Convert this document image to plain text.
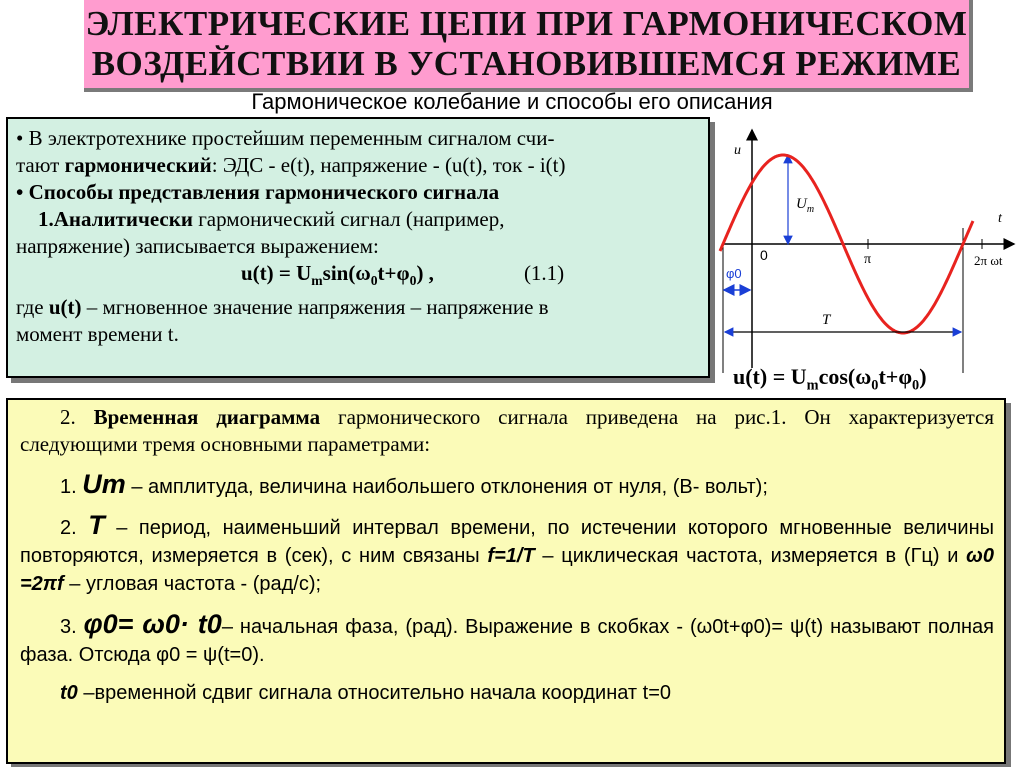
ЭЛЕКТРИЧЕСКИЕ ЦЕПИ ПРИ ГАРМОНИЧЕСКОМ
ВОЗДЕЙСТВИИ В УСТАНОВИВШЕМСЯ РЕЖИМЕ
Гармоническое колебание и способы его описания
• В электротехнике простейшим переменным сигналом счи-
тают гармонический: ЭДС - e(t), напряжение - (u(t), ток - i(t)
• Способы представления гармонического сигнала
1.Аналитически гармонический сигнал (например,
напряжение) записывается выражением:
$u(t) = U_m\sin(\omega_0t+\varphi_0)$ ,	(1.1)
где u(t) – мгновенное значение напряжения – напряжение в
момент времени t.
u
t
0	π	2π ωt
$U_m$
φ0
T
$u(t) = U_m\cos(\omega_0t+\varphi_0)$
2. Временная диаграмма гармонического сигнала приведена на рис.1. Он характеризуется следующими тремя основными параметрами:
1. Um – амплитуда, величина наибольшего отклонения от нуля, (В- вольт);
2. T – период, наименьший интервал времени, по истечении которого мгновенные величины повторяются, измеряется в (сек), с ним связаны f=1/T – циклическая частота, измеряется в (Гц) и ω0 =2πf – угловая частота - (рад/с);
3. φ0= ω0· t0– начальная фаза, (рад). Выражение в скобках - (ω0t+φ0)= ψ(t) называют полная фаза. Отсюда φ0 = ψ(t=0).
t0 –временной сдвиг сигнала относительно начала координат t=0
